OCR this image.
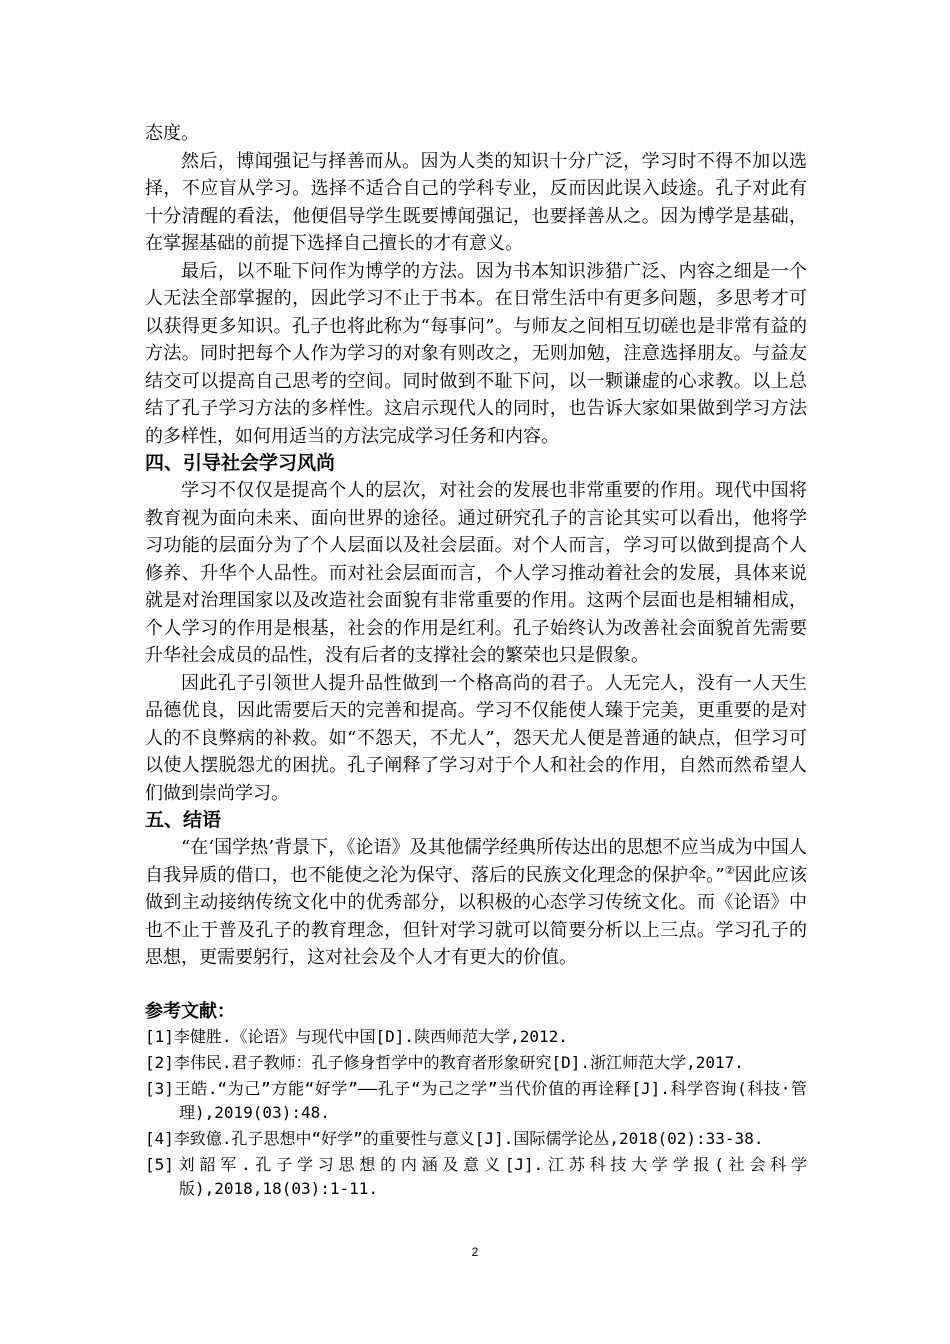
态度。

然后，博闻强记与择善而从。因为人类的知识十分广泛，学习时不得不加以选择，不应盲从学习。选择不适合自己的学科专业，反而因此误入歧途。孔子对此有十分清醒的看法，他便倡导学生既要博闻强记，也要择善从之。因为博学是基础，在掌握基础的前提下选择自己擅长的才有意义。

最后，以不耻下问作为博学的方法。因为书本知识涉猎广泛、内容之细是一个人无法全部掌握的，因此学习不止于书本。在日常生活中有更多问题，多思考才可以获得更多知识。孔子也将此称为“每事问”。与师友之间相互切磋也是非常有益的方法。同时把每个人作为学习的对象有则改之，无则加勉，注意选择朋友。与益友结交可以提高自己思考的空间。同时做到不耻下问，以一颗谦虚的心求教。以上总结了孔子学习方法的多样性。这启示现代人的同时，也告诉大家如果做到学习方法的多样性，如何用适当的方法完成学习任务和内容。

四、引导社会学习风尚

学习不仅仅是提高个人的层次，对社会的发展也非常重要的作用。现代中国将教育视为面向未来、面向世界的途径。通过研究孔子的言论其实可以看出，他将学习功能的层面分为了个人层面以及社会层面。对个人而言，学习可以做到提高个人修养、升华个人品性。而对社会层面而言，个人学习推动着社会的发展，具体来说就是对治理国家以及改造社会面貌有非常重要的作用。这两个层面也是相辅相成，个人学习的作用是根基，社会的作用是红利。孔子始终认为改善社会面貌首先需要升华社会成员的品性，没有后者的支撑社会的繁荣也只是假象。

因此孔子引领世人提升品性做到一个格高尚的君子。人无完人，没有一人天生品德优良，因此需要后天的完善和提高。学习不仅能使人臻于完美，更重要的是对人的不良弊病的补救。如“不怨天，不尤人”，怨天尤人便是普通的缺点，但学习可以使人摆脱怨尤的困扰。孔子阐释了学习对于个人和社会的作用，自然而然希望人们做到崇尚学习。

五、结语

“在‘国学热’背景下，《论语》及其他儒学经典所传达出的思想不应当成为中国人自我异质的借口，也不能使之沦为保守、落后的民族文化理念的保护伞。”②因此应该做到主动接纳传统文化中的优秀部分，以积极的心态学习传统文化。而《论语》中也不止于普及孔子的教育理念，但针对学习就可以简要分析以上三点。学习孔子的思想，更需要躬行，这对社会及个人才有更大的价值。

参考文献：

[1]李健胜.《论语》与现代中国[D].陕西师范大学,2012.

[2]李伟民.君子教师：孔子修身哲学中的教育者形象研究[D].浙江师范大学,2017.

[3]王皓.“为己”方能“好学”——孔子“为己之学”当代价值的再诠释[J].科学咨询(科技·管理),2019(03):48.

[4]李致億.孔子思想中“好学”的重要性与意义[J].国际儒学论丛,2018(02):33-38.

[5]刘韶军.孔子学习思想的内涵及意义[J].江苏科技大学学报(社会科学版),2018,18(03):1-11.

2
